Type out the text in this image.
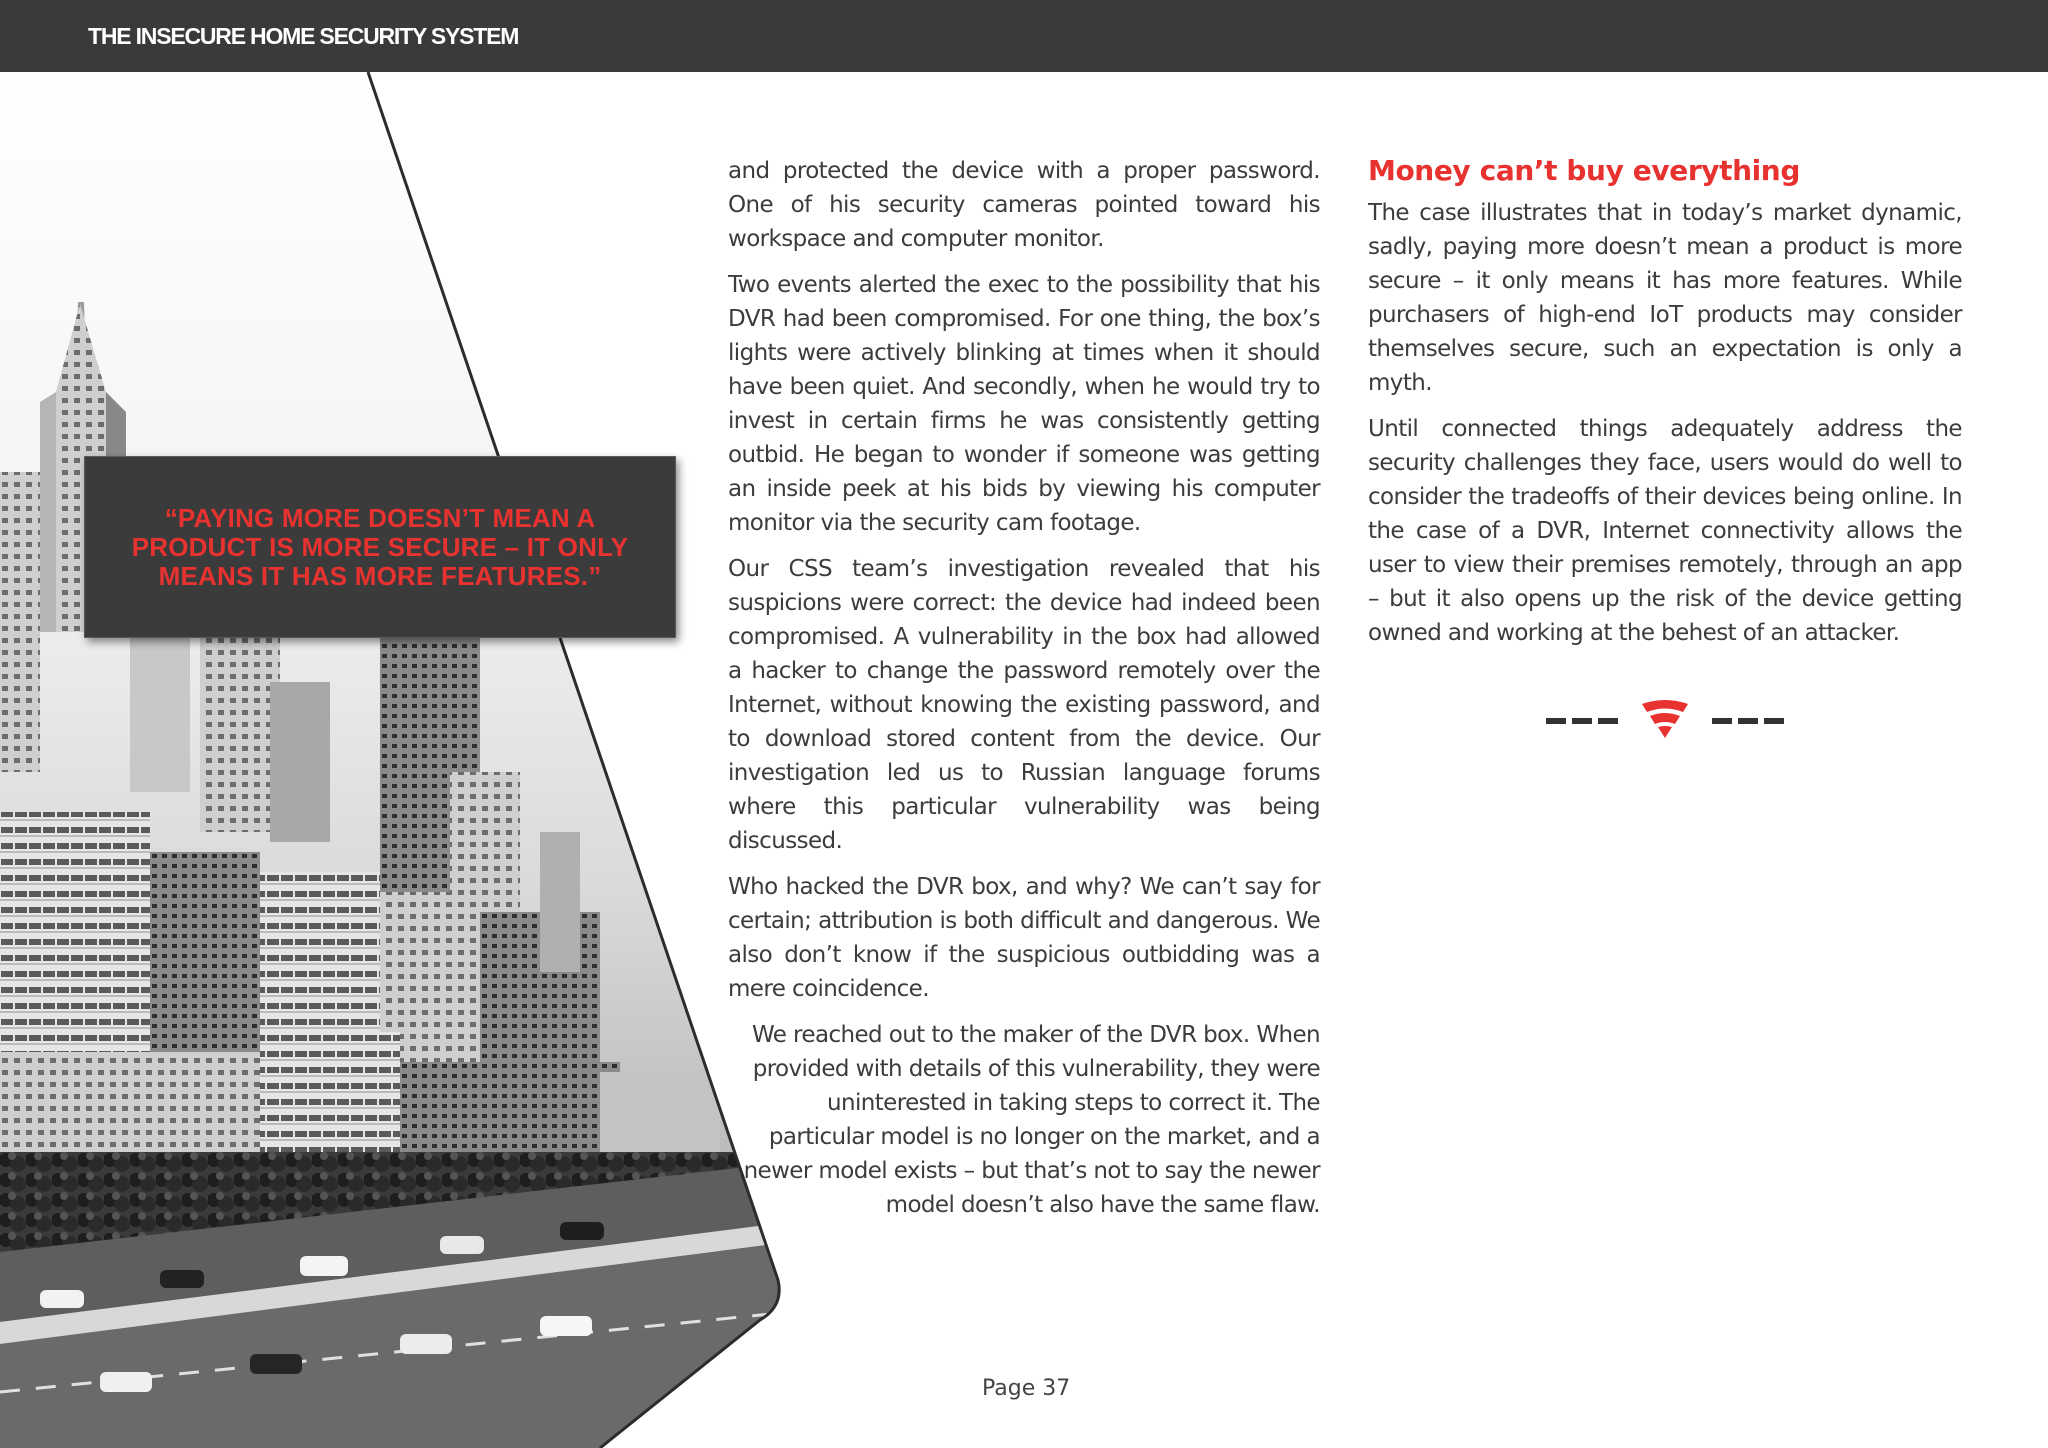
THE INSECURE HOME SECURITY SYSTEM
“PAYING MORE DOESN’T MEAN A PRODUCT IS MORE SECURE – IT ONLY MEANS IT HAS MORE FEATURES.”

and protected the device with a proper password. One of his security cameras pointed toward his workspace and computer monitor.

Two events alerted the exec to the possibility that his DVR had been compromised. For one thing, the box’s lights were actively blinking at times when it should have been quiet. And secondly, when he would try to invest in certain firms he was consistently getting outbid. He began to wonder if someone was getting an inside peek at his bids by viewing his computer monitor via the security cam footage.

Our CSS team’s investigation revealed that his suspicions were correct: the device had indeed been compromised. A vulnerability in the box had allowed a hacker to change the password remotely over the Internet, without knowing the existing password, and to download stored content from the device. Our investigation led us to Russian language forums where this particular vulnerability was being discussed.

Who hacked the DVR box, and why? We can’t say for certain; attribution is both difficult and dangerous. We also don’t know if the suspicious outbidding was a mere coincidence.

We reached out to the maker of the DVR box. When provided with details of this vulnerability, they were uninterested in taking steps to correct it. The particular model is no longer on the market, and a newer model exists – but that’s not to say the newer model doesn’t also have the same flaw.

Money can’t buy everything

The case illustrates that in today’s market dynamic, sadly, paying more doesn’t mean a product is more secure – it only means it has more features. While purchasers of high-end IoT products may consider themselves secure, such an expectation is only a myth.

Until connected things adequately address the security challenges they face, users would do well to consider the tradeoffs of their devices being online. In the case of a DVR, Internet connectivity allows the user to view their premises remotely, through an app – but it also opens up the risk of the device getting owned and working at the behest of an attacker.

Page 37
